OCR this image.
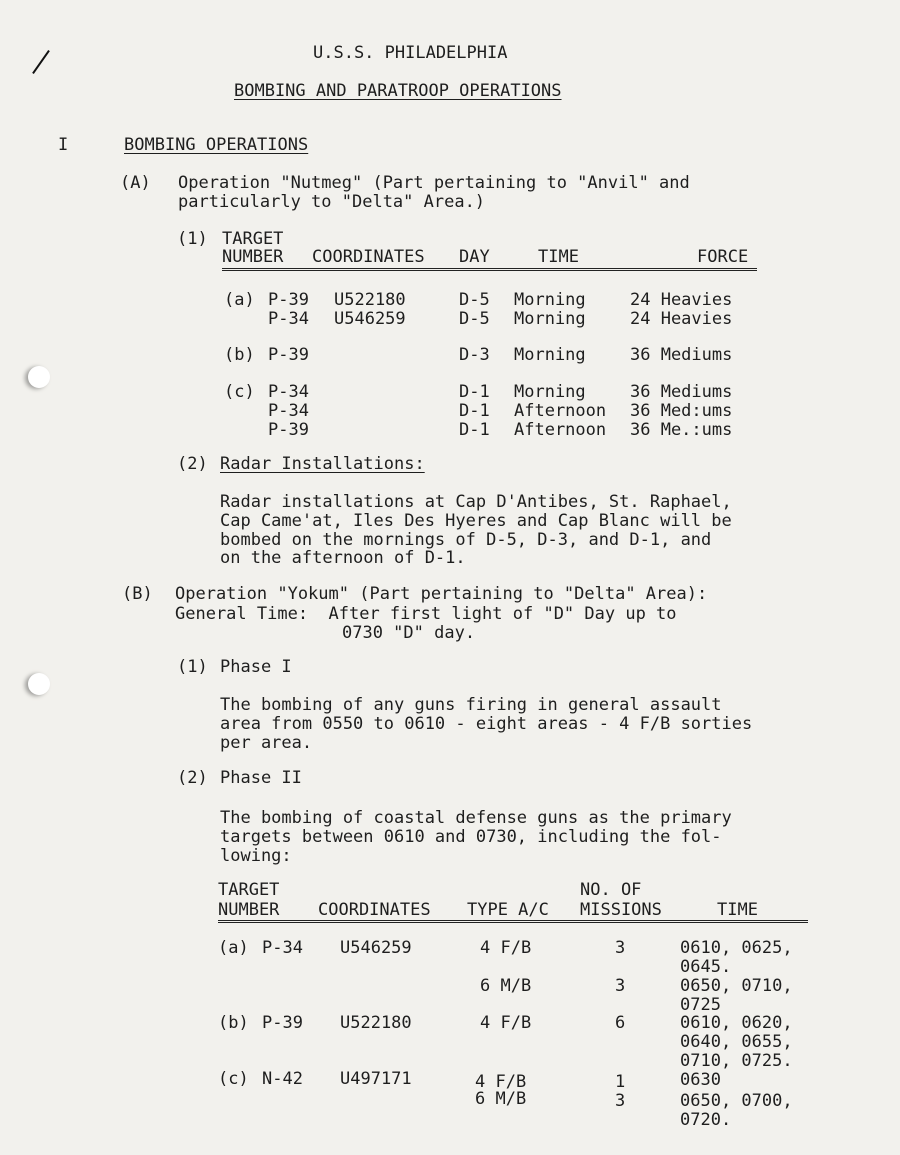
U.S.S. PHILADELPHIA
BOMBING AND PARATROOP OPERATIONS
I	BOMBING OPERATIONS
(A) Operation "Nutmeg" (Part pertaining to "Anvil" and
particularly to "Delta" Area.)
(1) TARGET
NUMBER COORDINATES DAY	TIME	FORCE
(a) P-39 U522180	D-5 Morning	24 Heavies
P-34 U546259	D-5 Morning	24 Heavies
(b) P-39	D-3 Morning	36 Mediums
(c) P-34	D-1 Morning	36 Mediums
P-34	D-1 Afternoon 36 Med:ums
P-39	D-1 Afternoon 36 Me.:ums
(2) Radar Installations:
Radar installations at Cap D'Antibes, St. Raphael,
Cap Came'at, Iles Des Hyeres and Cap Blanc will be
bombed on the mornings of D-5, D-3, and D-1, and
on the afternoon of D-1.
(B) Operation "Yokum" (Part pertaining to "Delta" Area):
General Time:  After first light of "D" Day up to
0730 "D" day.
(1) Phase I
The bombing of any guns firing in general assault
area from 0550 to 0610 - eight areas - 4 F/B sorties
per area.
(2) Phase II
The bombing of coastal defense guns as the primary
targets between 0610 and 0730, including the fol-
lowing:
TARGET
NUMBER COORDINATES TYPE A/C
NO. OF
MISSIONS	TIME
(a) P-34 U546259	4 F/B	3	0610, 0625,
0645.
6 M/B	3	0650, 0710,
0725
(b) P-39 U522180	4 F/B	6	0610, 0620,
0640, 0655,
0710, 0725.
(c) N-42 U497171	4 F/B	1	0630
6 M/B	3	0650, 0700,
0720.
